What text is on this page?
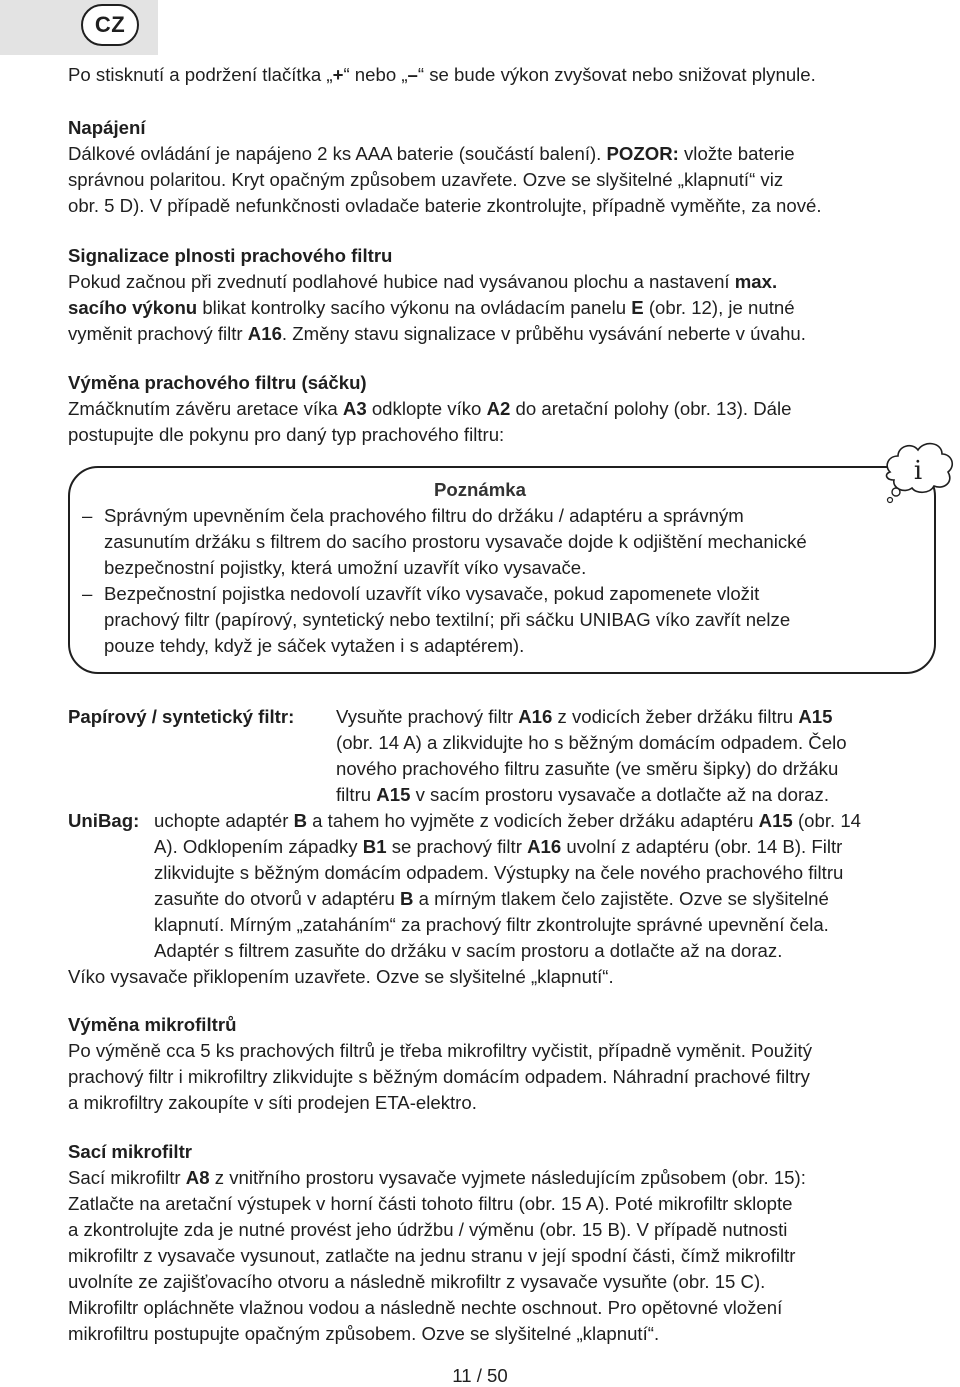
CZ

Po stisknutí a podržení tlačítka „+“ nebo „–“ se bude výkon zvyšovat nebo snižovat plynule.

Napájení

Dálkové ovládání je napájeno 2 ks AAA baterie (součástí balení). POZOR: vložte baterie

správnou polaritou. Kryt opačným způsobem uzavřete. Ozve se slyšitelné „klapnutí“ viz

obr. 5 D). V případě nefunkčnosti ovladače baterie zkontrolujte, případně vyměňte, za nové.

Signalizace plnosti prachového filtru

Pokud začnou při zvednutí podlahové hubice nad vysávanou plochu a nastavení max.

sacího výkonu blikat kontrolky sacího výkonu na ovládacím panelu E (obr. 12), je nutné

vyměnit prachový filtr A16. Změny stavu signalizace v průběhu vysávání neberte v úvahu.

Výměna prachového filtru (sáčku)

Zmáčknutím závěru aretace víka A3 odklopte víko A2 do aretační polohy (obr. 13). Dále

postupujte dle pokynu pro daný typ prachového filtru:

i
Poznámka
– Správným upevněním čela prachového filtru do držáku / adaptéru a správným

zasunutím držáku s filtrem do sacího prostoru vysavače dojde k odjištění mechanické

bezpečnostní pojistky, která umožní uzavřít víko vysavače.

– Bezpečnostní pojistka nedovolí uzavřít víko vysavače, pokud zapomenete vložit

prachový filtr (papírový, syntetický nebo textilní; při sáčku UNIBAG víko zavřít nelze

pouze tehdy, když je sáček vytažen i s adaptérem).

Papírový / syntetický filtr: Vysuňte prachový filtr A16 z vodicích žeber držáku filtru A15

(obr. 14 A) a zlikvidujte ho s běžným domácím odpadem. Čelo

nového prachového filtru zasuňte (ve směru šipky) do držáku

filtru A15 v sacím prostoru vysavače a dotlačte až na doraz.

UniBag: uchopte adaptér B a tahem ho vyjměte z vodicích žeber držáku adaptéru A15 (obr. 14

A). Odklopením západky B1 se prachový filtr A16 uvolní z adaptéru (obr. 14 B). Filtr

zlikvidujte s běžným domácím odpadem. Výstupky na čele nového prachového filtru

zasuňte do otvorů v adaptéru B a mírným tlakem čelo zajistěte. Ozve se slyšitelné

klapnutí. Mírným „zataháním“ za prachový filtr zkontrolujte správné upevnění čela.

Adaptér s filtrem zasuňte do držáku v sacím prostoru a dotlačte až na doraz.

Víko vysavače přiklopením uzavřete. Ozve se slyšitelné „klapnutí“.

Výměna mikrofiltrů

Po výměně cca 5 ks prachových filtrů je třeba mikrofiltry vyčistit, případně vyměnit. Použitý

prachový filtr i mikrofiltry zlikvidujte s běžným domácím odpadem. Náhradní prachové filtry

a mikrofiltry zakoupíte v síti prodejen ETA-elektro.

Sací mikrofiltr

Sací mikrofiltr A8 z vnitřního prostoru vysavače vyjmete následujícím způsobem (obr. 15):

Zatlačte na aretační výstupek v horní části tohoto filtru (obr. 15 A). Poté mikrofiltr sklopte

a zkontrolujte zda je nutné provést jeho údržbu / výměnu (obr. 15 B). V případě nutnosti

mikrofiltr z vysavače vysunout, zatlačte na jednu stranu v její spodní části, čímž mikrofiltr

uvolníte ze zajišťovacího otvoru a následně mikrofiltr z vysavače vysuňte (obr. 15 C).

Mikrofiltr opláchněte vlažnou vodou a následně nechte oschnout. Pro opětovné vložení

mikrofiltru postupujte opačným způsobem. Ozve se slyšitelné „klapnutí“.

11 / 50
